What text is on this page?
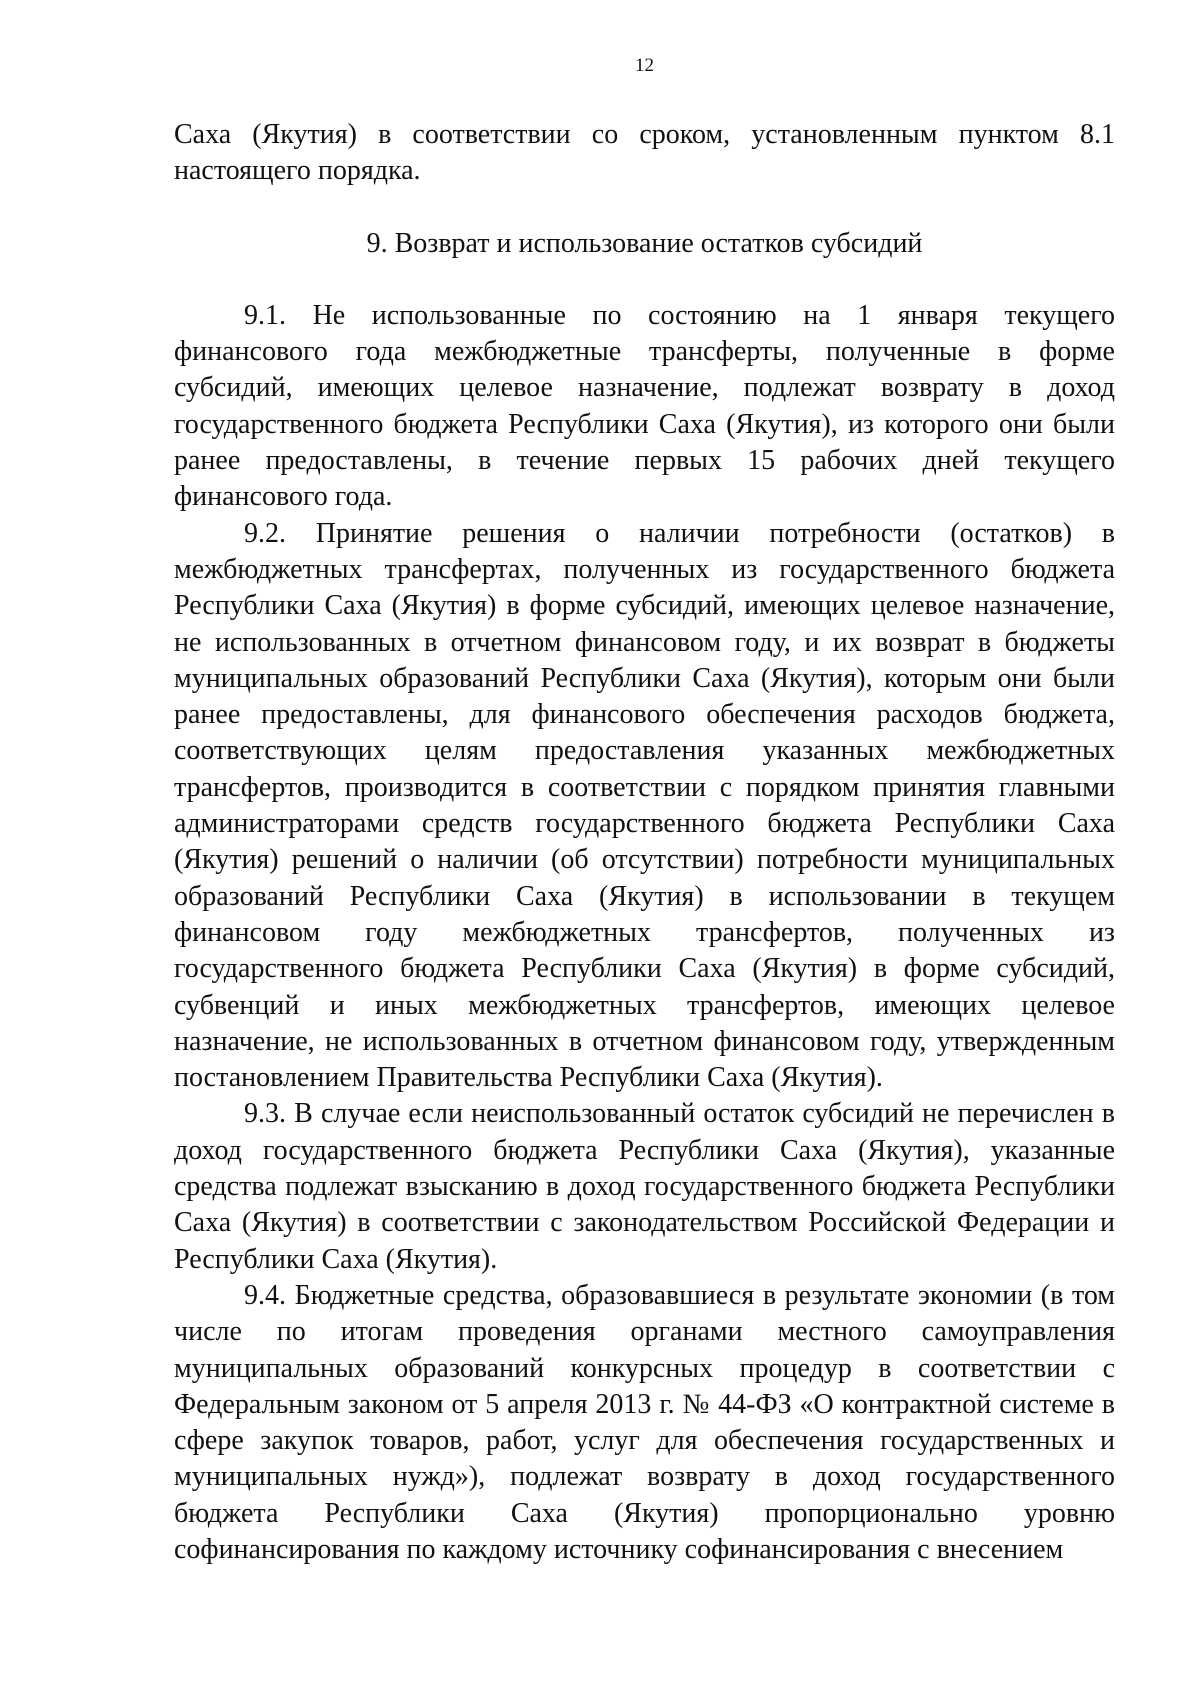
12

Саха (Якутия) в соответствии со сроком, установленным пунктом 8.1 настоящего порядка.

9. Возврат и использование остатков субсидий

9.1. Не использованные по состоянию на 1 января текущего финансового года межбюджетные трансферты, полученные в форме субсидий, имеющих целевое назначение, подлежат возврату в доход государственного бюджета Республики Саха (Якутия), из которого они были ранее предоставлены, в течение первых 15 рабочих дней текущего финансового года.

9.2. Принятие решения о наличии потребности (остатков) в межбюджетных трансфертах, полученных из государственного бюджета Республики Саха (Якутия) в форме субсидий, имеющих целевое назначение, не использованных в отчетном финансовом году, и их возврат в бюджеты муниципальных образований Республики Саха (Якутия), которым они были ранее предоставлены, для финансового обеспечения расходов бюджета, соответствующих целям предоставления указанных межбюджетных трансфертов, производится в соответствии с порядком принятия главными администраторами средств государственного бюджета Республики Саха (Якутия) решений о наличии (об отсутствии) потребности муниципальных образований Республики Саха (Якутия) в использовании в текущем финансовом году межбюджетных трансфертов, полученных из государственного бюджета Республики Саха (Якутия) в форме субсидий, субвенций и иных межбюджетных трансфертов, имеющих целевое назначение, не использованных в отчетном финансовом году, утвержденным постановлением Правительства Республики Саха (Якутия).

9.3. В случае если неиспользованный остаток субсидий не перечислен в доход государственного бюджета Республики Саха (Якутия), указанные средства подлежат взысканию в доход государственного бюджета Республики Саха (Якутия) в соответствии с законодательством Российской Федерации и Республики Саха (Якутия).

9.4. Бюджетные средства, образовавшиеся в результате экономии (в том числе по итогам проведения органами местного самоуправления муниципальных образований конкурсных процедур в соответствии с Федеральным законом от 5 апреля 2013 г. № 44-ФЗ «О контрактной системе в сфере закупок товаров, работ, услуг для обеспечения государственных и муниципальных нужд»), подлежат возврату в доход государственного бюджета Республики Саха (Якутия) пропорционально уровню софинансирования по каждому источнику софинансирования с внесением
